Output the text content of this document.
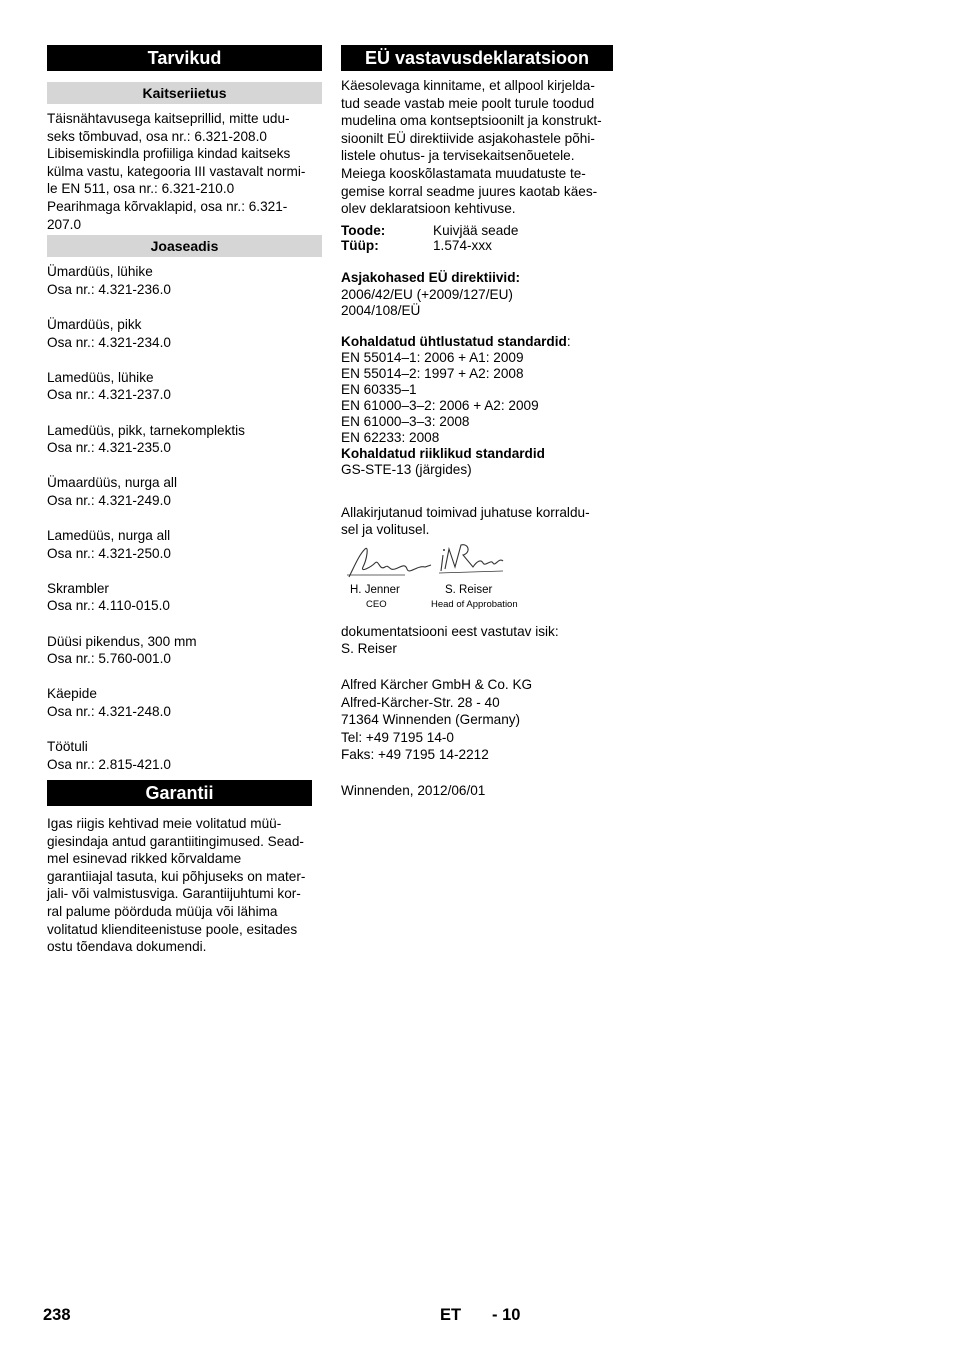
Tarvikud
Kaitseriietus

Täisnähtavusega kaitseprillid, mitte udu-
seks tõmbuvad, osa nr.: 6.321-208.0
Libisemiskindla profiiliga kindad kaitseks
külma vastu, kategooria III vastavalt normi-
le EN 511, osa nr.: 6.321-210.0
Pearihmaga kõrvaklapid, osa nr.: 6.321-
207.0

Joaseadis

Ümardüüs, lühike

Osa nr.: 4.321-236.0

Ümardüüs, pikk

Osa nr.: 4.321-234.0

Lamedüüs, lühike

Osa nr.: 4.321-237.0

Lamedüüs, pikk, tarnekomplektis

Osa nr.: 4.321-235.0

Ümaardüüs, nurga all

Osa nr.: 4.321-249.0

Lamedüüs, nurga all

Osa nr.: 4.321-250.0

Skrambler

Osa nr.: 4.110-015.0

Düüsi pikendus, 300 mm

Osa nr.: 5.760-001.0

Käepide

Osa nr.: 4.321-248.0

Töötuli

Osa nr.: 2.815-421.0

Garantii

Igas riigis kehtivad meie volitatud müü-
giesindaja antud garantiitingimused. Sead-
mel esinevad rikked kõrvaldame
garantiiajal tasuta, kui põhjuseks on mater-
jali- või valmistusviga. Garantiijuhtumi kor-
ral palume pöörduda müüja või lähima
volitatud klienditeenistuse poole, esitades
ostu tõendava dokumendi.

EÜ vastavusdeklaratsioon

Käesolevaga kinnitame, et allpool kirjelda-
tud seade vastab meie poolt turule toodud
mudelina oma kontseptsioonilt ja konstrukt-
sioonilt EÜ direktiivide asjakohastele põhi-
listele ohutus- ja tervisekaitsenõuetele.
Meiega kooskõlastamata muudatuste te-
gemise korral seadme juures kaotab käes-
olev deklaratsioon kehtivuse.

Toode:	Kuivjää seade
Tüüp:	1.574-xxx

Asjakohased EÜ direktiivid:

2006/42/EU (+2009/127/EU)
2004/108/EÜ

Kohaldatud ühtlustatud standardid:

EN 55014–1: 2006 + A1: 2009
EN 55014–2: 1997 + A2: 2008
EN 60335–1
EN 61000–3–2: 2006 + A2: 2009
EN 61000–3–3: 2008
EN 62233: 2008

Kohaldatud riiklikud standardid

GS-STE-13 (järgides)

Allakirjutanud toimivad juhatuse korraldu-
sel ja volitusel.

H. Jenner	S. Reiser
CEO	Head of Approbation

dokumentatsiooni eest vastutav isik:
S. Reiser

Alfred Kärcher GmbH & Co. KG
Alfred-Kärcher-Str. 28 - 40
71364 Winnenden (Germany)
Tel: +49 7195 14-0
Faks: +49 7195 14-2212

Winnenden, 2012/06/01

238	ET - 10
